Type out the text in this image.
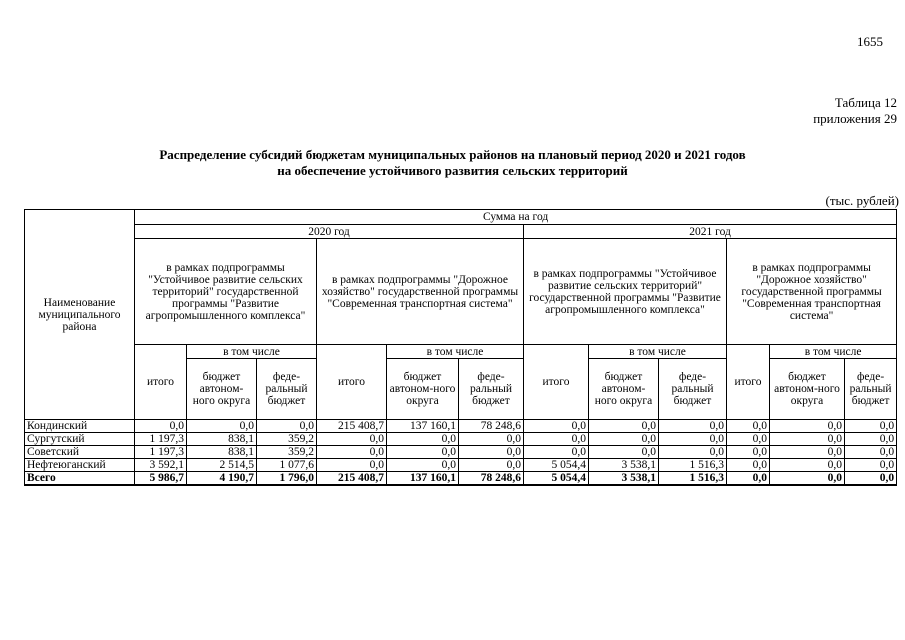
1655
Таблица 12
приложения 29
Распределение субсидий бюджетам муниципальных районов на плановый период 2020 и 2021 годов
на обеспечение устойчивого развития сельских территорий
(тыс. рублей)
Наименование муниципального района	Сумма на год											
	2020 год						2021 год					
	в рамках подпрограммы "Устойчивое развитие сельских территорий" государственной программы "Развитие агропромышленного комплекса"			в рамках подпрограммы "Дорожное хозяйство" государственной программы "Современная транспортная система"			в рамках подпрограммы "Устойчивое развитие сельских территорий" государственной программы "Развитие агропромышленного комплекса"			в рамках подпрограммы "Дорожное хозяйство" государственной программы "Современная транспортная система"		
	итого	в том числе		итого	в том числе		итого	в том числе		итого	в том числе	
		бюджет автоном-ного округа	феде-ральный бюджет		бюджет автоном-ного округа	феде-ральный бюджет		бюджет автоном-ного округа	феде-ральный бюджет		бюджет автоном-ного округа	феде-ральный бюджет
Кондинский	0,0	0,0	0,0	215 408,7	137 160,1	78 248,6	0,0	0,0	0,0	0,0	0,0	0,0
Сургутский	1 197,3	838,1	359,2	0,0	0,0	0,0	0,0	0,0	0,0	0,0	0,0	0,0
Советский	1 197,3	838,1	359,2	0,0	0,0	0,0	0,0	0,0	0,0	0,0	0,0	0,0
Нефтеюганский	3 592,1	2 514,5	1 077,6	0,0	0,0	0,0	5 054,4	3 538,1	1 516,3	0,0	0,0	0,0
Всего	5 986,7	4 190,7	1 796,0	215 408,7	137 160,1	78 248,6	5 054,4	3 538,1	1 516,3	0,0	0,0	0,0
